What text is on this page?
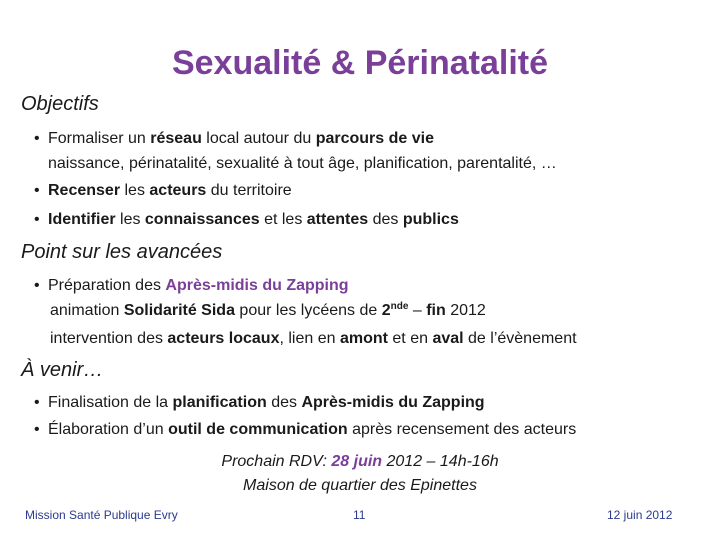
Sexualité & Périnatalité
Objectifs
• Formaliser un réseau local autour du parcours de vie
naissance, périnatalité, sexualité à tout âge, planification, parentalité, …
• Recenser les acteurs du territoire
• Identifier les connaissances et les attentes des publics
Point sur les avancées
• Préparation des Après-midis du Zapping
animation Solidarité Sida pour les lycéens de 2nde – fin 2012
intervention des acteurs locaux, lien en amont et en aval de l’évènement
À venir…
• Finalisation de la planification des Après-midis du Zapping
• Élaboration d’un outil de communication après recensement des acteurs
Prochain RDV: 28 juin 2012 – 14h-16h
Maison de quartier des Epinettes
Mission Santé Publique Evry	11	12 juin 2012
